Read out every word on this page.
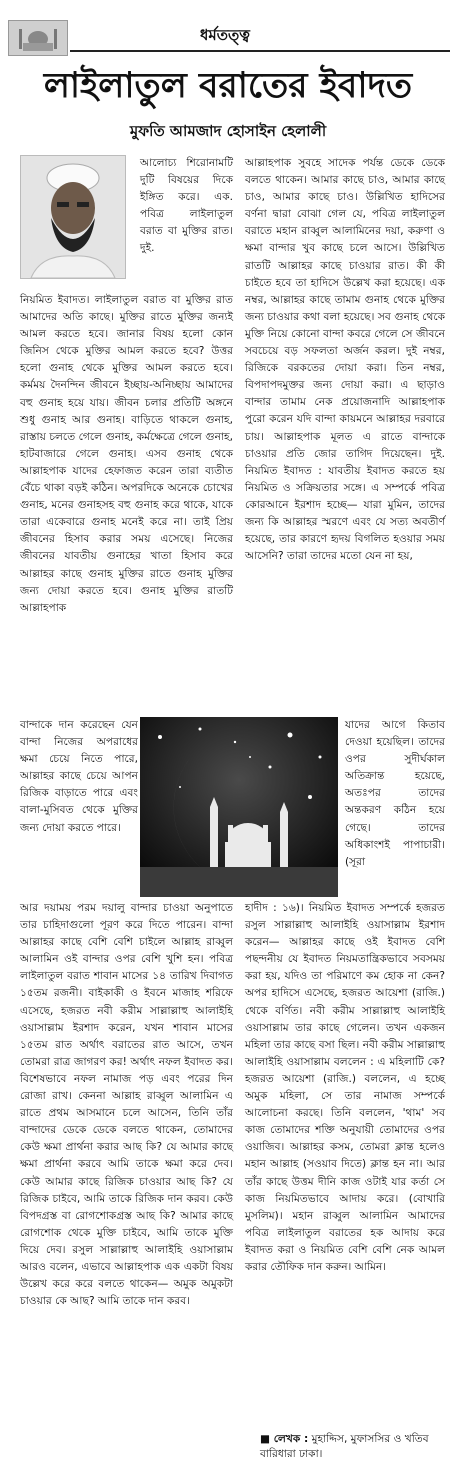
ধর্মতত্ত্ব
লাইলাতুল বরাতের ইবাদত
মুফতি আমজাদ হোসাইন হেলালী

আলোচ্য শিরোনামটি দুটি বিষয়ের দিকে ইঙ্গিত করে। এক. পবিত্র লাইলাতুল বরাত বা মুক্তির রাত। দুই.

নিয়মিত ইবাদত। লাইলাতুল বরাত বা মুক্তির রাত আমাদের অতি কাছে। মুক্তির রাতে মুক্তির জন্যই আমল করতে হবে। জানার বিষয় হলো কোন জিনিস থেকে মুক্তির আমল করতে হবে? উত্তর হলো গুনাহ থেকে মুক্তির আমল করতে হবে। কর্মময় দৈনন্দিন জীবনে ইচ্ছায়-অনিচ্ছায় আমাদের বহু গুনাহ হয়ে যায়। জীবন চলার প্রতিটি অঙ্গনে শুধু গুনাহ আর গুনাহ। বাড়িতে থাকলে গুনাহ, রাস্তায় চলতে গেলে গুনাহ, কর্মক্ষেত্রে গেলে গুনাহ, হাটবাজারে গেলে গুনাহ। এসব গুনাহ থেকে আল্লাহপাক যাদের হেফাজত করেন তারা ব্যতীত বেঁচে থাকা বড়ই কঠিন। অপরদিকে অনেকে চোখের গুনাহ, মনের গুনাহসহ বহু গুনাহ করে থাকে, যাকে তারা একেবারে গুনাহ মনেই করে না। তাই প্রিয় জীবনের হিসাব করার সময় এসেছে। নিজের জীবনের যাবতীয় গুনাহের খাতা হিসাব করে আল্লাহর কাছে গুনাহ মুক্তির রাতে গুনাহ মুক্তির জন্য দোয়া করতে হবে। গুনাহ মুক্তির রাতটি আল্লাহপাক

বান্দাকে দান করেছেন যেন বান্দা নিজের অপরাধের ক্ষমা চেয়ে নিতে পারে, আল্লাহর কাছে চেয়ে আপন রিজিক বাড়াতে পারে এবং বালা-মুসিবত থেকে মুক্তির জন্য দোয়া করতে পারে।

আর দয়াময় পরম দয়ালু বান্দার চাওয়া অনুপাতে তার চাহিদাগুলো পূরণ করে দিতে পারেন। বান্দা আল্লাহর কাছে বেশি বেশি চাইলে আল্লাহ রাব্বুল আলামিন ওই বান্দার ওপর বেশি খুশি হন। পবিত্র লাইলাতুল বরাত শাবান মাসের ১৪ তারিখ দিবাগত ১৫তম রজনী। বাইকাকী ও ইবনে মাজাহ শরিফে এসেছে, হজরত নবী করীম সাল্লাল্লাহু আলাইহি ওয়াসাল্লাম ইরশাদ করেন, যখন শাবান মাসের ১৫তম রাত অর্থাৎ বরাতের রাত আসে, তখন তোমরা রাত্র জাগরণ কর! অর্থাৎ নফল ইবাদত কর। বিশেষভাবে নফল নামাজ পড় এবং পরের দিন রোজা রাখ। কেননা আল্লাহ রাব্বুল আলামিন এ রাতে প্রথম আসমানে চলে আসেন, তিনি তাঁর বান্দাদের ডেকে ডেকে বলতে থাকেন, তোমাদের কেউ ক্ষমা প্রার্থনা করার আছ কি? যে আমার কাছে ক্ষমা প্রার্থনা করবে আমি তাকে ক্ষমা করে দেব। কেউ আমার কাছে রিজিক চাওয়ার আছ কি? যে রিজিক চাইবে, আমি তাকে রিজিক দান করব। কেউ বিপদগ্রস্ত বা রোগশোকগ্রস্ত আছ কি? আমার কাছে রোগশোক থেকে মুক্তি চাইবে, আমি তাকে মুক্তি দিয়ে দেব। রসুল সাল্লাল্লাহু আলাইহি ওয়াসাল্লাম আরও বলেন, এভাবে আল্লাহপাক এক একটা বিষয় উল্লেখ করে করে বলতে থাকেন— অমুক অমুকটা চাওয়ার কে আছ? আমি তাকে দান করব।

আল্লাহপাক সুবহে সাদেক পর্যন্ত ডেকে ডেকে বলতে থাকেন। আমার কাছে চাও, আমার কাছে চাও, আমার কাছে চাও। উল্লিখিত হাদিসের বর্ণনা দ্বারা বোঝা গেল যে, পবিত্র লাইলাতুল বরাতে মহান রাব্বুল আলামিনের দয়া, করুণা ও ক্ষমা বান্দার খুব কাছে চলে আসে। উল্লিখিত রাতটি আল্লাহর কাছে চাওয়ার রাত। কী কী চাইতে হবে তা হাদিসে উল্লেখ করা হয়েছে। এক নম্বর, আল্লাহর কাছে তামাম গুনাহ থেকে মুক্তির জন্য চাওয়ার কথা বলা হয়েছে। সব গুনাহ থেকে মুক্তি নিয়ে কোনো বান্দা কবরে গেলে সে জীবনে সবচেয়ে বড় সফলতা অর্জন করল। দুই নম্বর, রিজিকে বরকতের দোয়া করা। তিন নম্বর, বিপদাপদমুক্তর জন্য দোয়া করা। এ ছাড়াও বান্দার তামাম নেক প্রয়োজনাদি আল্লাহপাক পুরো করেন যদি বান্দা কায়মনে আল্লাহর দরবারে চায়। আল্লাহপাক মূলত এ রাতে বান্দাকে চাওয়ার প্রতি জোর তাগিদ দিয়েছেন। দুই. নিয়মিত ইবাদত : যাবতীয় ইবাদত করতে হয় নিয়মিত ও সক্রিয়তার সঙ্গে। এ সম্পর্কে পবিত্র কোরআনে ইরশাদ হচ্ছে— যারা মুমিন, তাদের জন্য কি আল্লাহর স্মরণে এবং যে সত্য অবতীর্ণ হয়েছে, তার কারণে হৃদয় বিগলিত হওয়ার সময় আসেনি? তারা তাদের মতো যেন না হয়,

যাদের আগে কিতাব দেওয়া হয়েছিল। তাদের ওপর সুদীর্ঘকাল অতিক্রান্ত হয়েছে, অতঃপর তাদের অন্তকরণ কঠিন হয়ে গেছে। তাদের অধিকাংশই পাপাচারী। (সূরা

হাদীদ : ১৬)। নিয়মিত ইবাদত সম্পর্কে হজরত রসুল সাল্লাল্লাহু আলাইহি ওয়াসাল্লাম ইরশাদ করেন— আল্লাহর কাছে ওই ইবাদত বেশি পছন্দনীয় যে ইবাদত নিয়মতান্ত্রিকভাবে সবসময় করা হয়, যদিও তা পরিমাণে কম হোক না কেন? অপর হাদিসে এসেছে, হজরত আয়েশা (রাজি.) থেকে বর্ণিত। নবী করীম সাল্লাল্লাহু আলাইহি ওয়াসাল্লাম তার কাছে গেলেন। তখন একজন মহিলা তার কাছে বসা ছিল। নবী করীম সাল্লাল্লাহু আলাইহি ওয়াসাল্লাম বললেন : এ মহিলাটি কে? হজরত আয়েশা (রাজি.) বললেন, এ হচ্ছে অমুক মহিলা, সে তার নামাজ সম্পর্কে আলোচনা করছে। তিনি বললেন, 'থাম' সব কাজ তোমাদের শক্তি অনুযায়ী তোমাদের ওপর ওয়াজিব। আল্লাহর কসম, তোমরা ক্লান্ত হলেও মহান আল্লাহ (সওয়াব দিতে) ক্লান্ত হন না। আর তাঁর কাছে উত্তম দীনি কাজ ওটাই যার কর্তা সে কাজ নিয়মিতভাবে আদায় করে। (বোখারি মুসলিম)। মহান রাব্বুল আলামিন আমাদের পবিত্র লাইলাতুল বরাতের হক আদায় করে ইবাদত করা ও নিয়মিত বেশি বেশি নেক আমল করার তৌফিক দান করুন। আমিন।

■ লেখক : মুহাদ্দিস, মুফাসসির ও খতিব বারিধারা ঢাকা।
